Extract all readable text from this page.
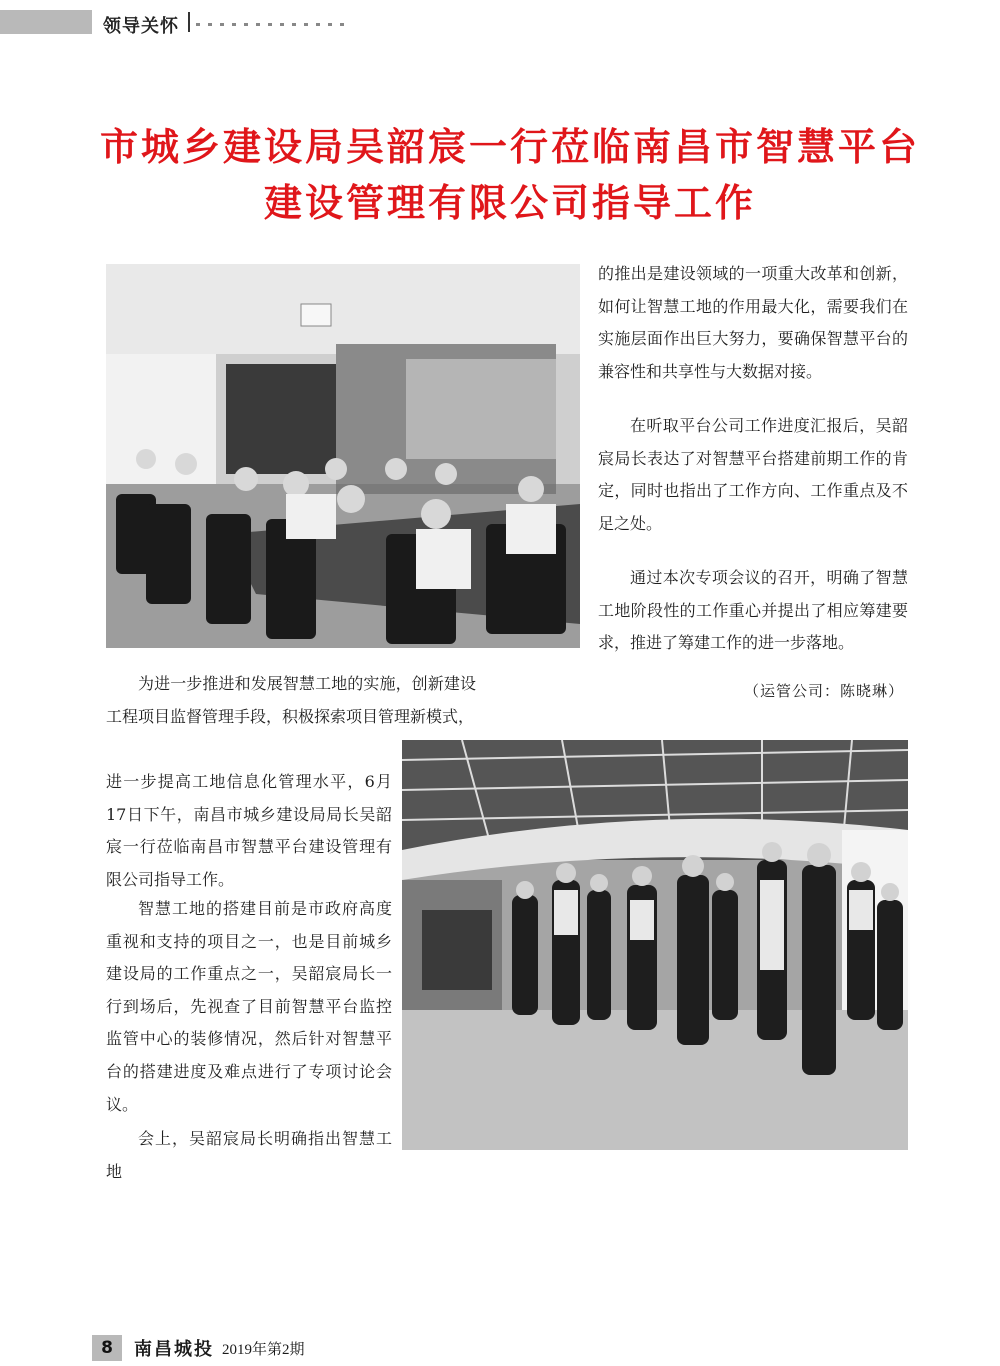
领导关怀
市城乡建设局吴韶宸一行莅临南昌市智慧平台
建设管理有限公司指导工作

的推出是建设领域的一项重大改革和创新，如何让智慧工地的作用最大化，需要我们在实施层面作出巨大努力，要确保智慧平台的兼容性和共享性与大数据对接。

在听取平台公司工作进度汇报后，吴韶宸局长表达了对智慧平台搭建前期工作的肯定，同时也指出了工作方向、工作重点及不足之处。

通过本次专项会议的召开，明确了智慧工地阶段性的工作重心并提出了相应筹建要求，推进了筹建工作的进一步落地。

（运管公司：陈晓琳）

为进一步推进和发展智慧工地的实施，创新建设工程项目监督管理手段，积极探索项目管理新模式，

进一步提高工地信息化管理水平，6月17日下午，南昌市城乡建设局局长吴韶宸一行莅临南昌市智慧平台建设管理有限公司指导工作。

智慧工地的搭建目前是市政府高度重视和支持的项目之一，也是目前城乡建设局的工作重点之一，吴韶宸局长一行到场后，先视查了目前智慧平台监控监管中心的装修情况，然后针对智慧平台的搭建进度及难点进行了专项讨论会议。

会上，吴韶宸局长明确指出智慧工地

8	南昌城投 2019年第2期
